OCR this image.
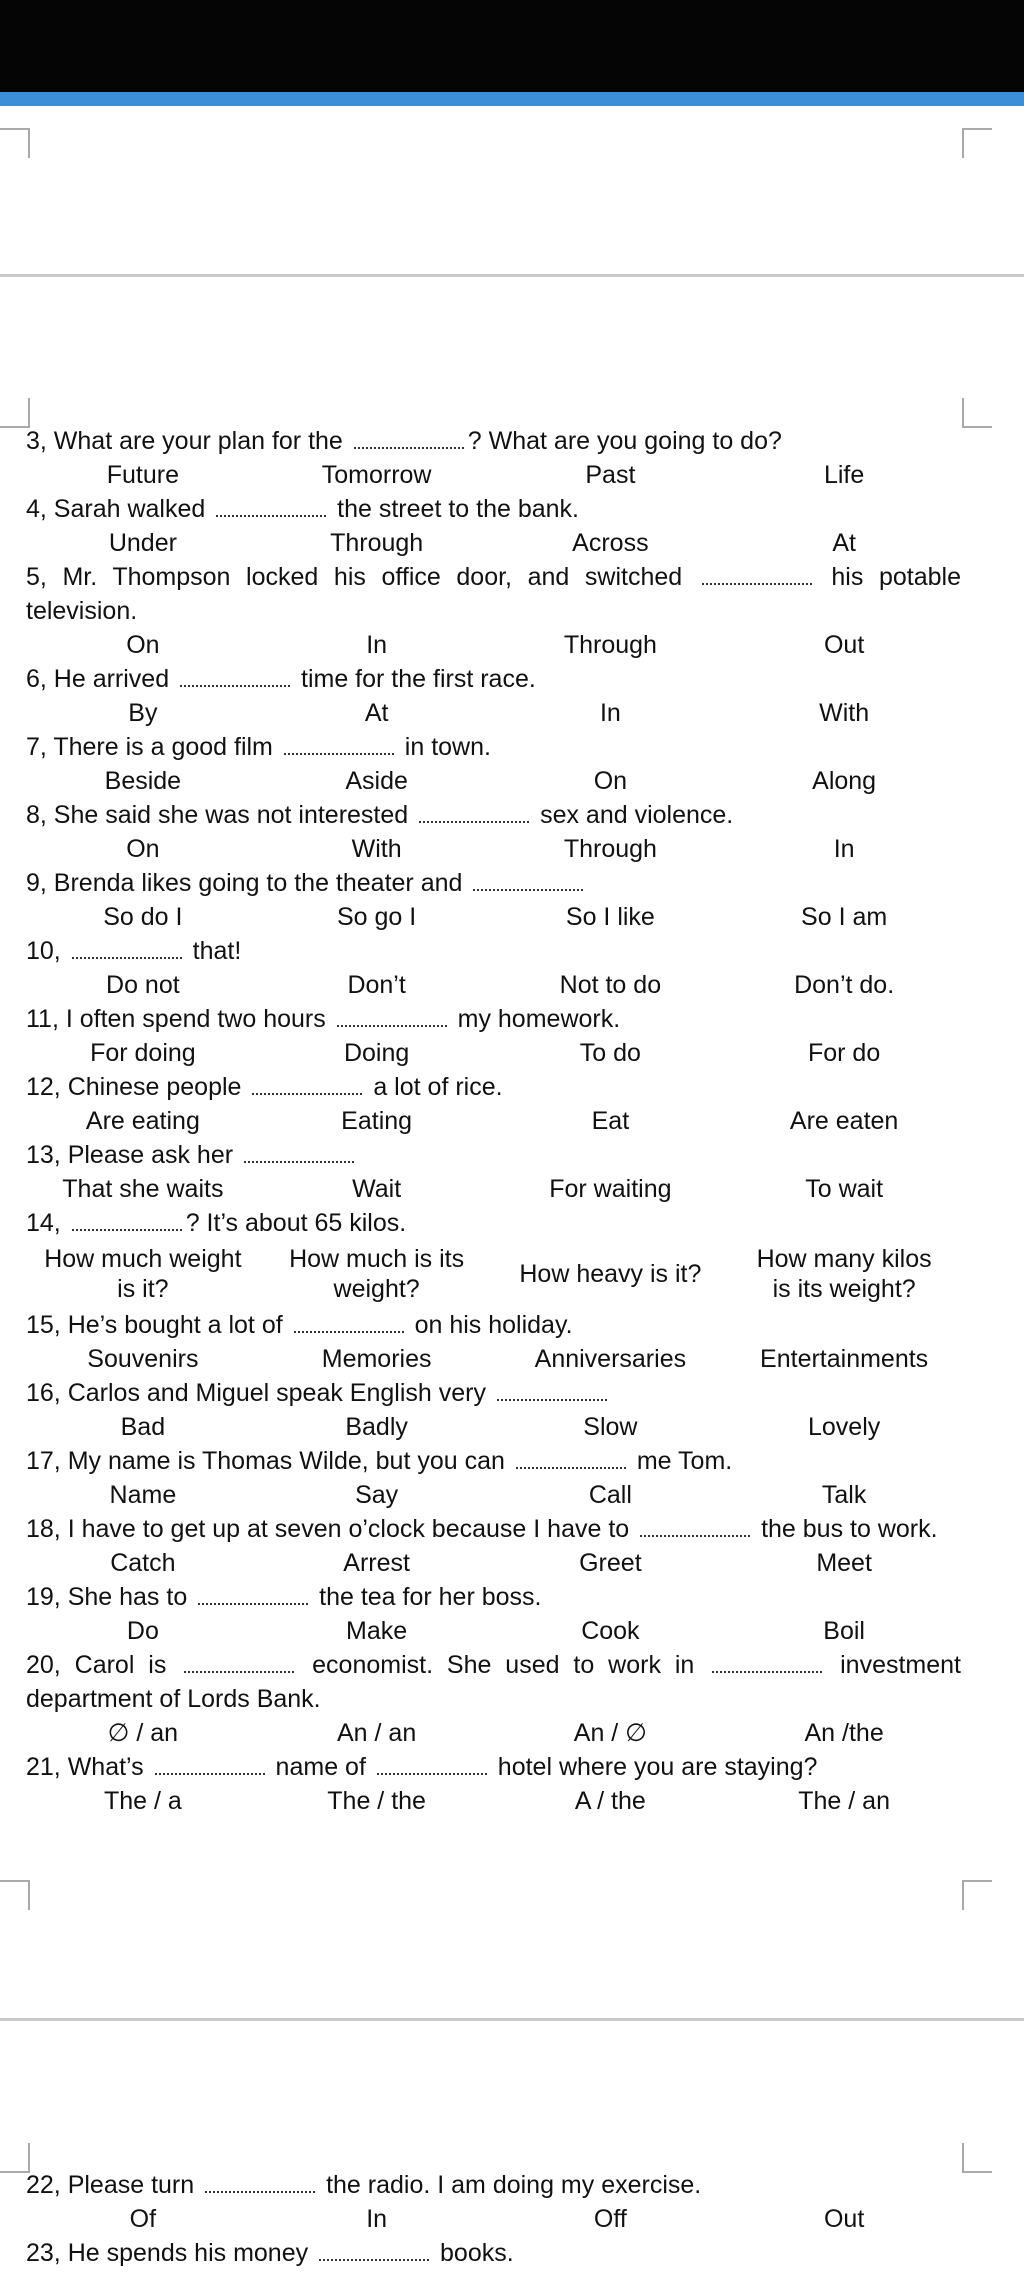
3, What are your plan for the	? What are you going to do?

Future	Tomorrow	Past	Life

4, Sarah walked	the street to the bank.

Under	Through	Across	At

5, Mr. Thompson locked his office door, and switched	his potable television.

On	In	Through	Out

6, He arrived	time for the first race.

By	At	In	With

7, There is a good film	in town.

Beside	Aside	On	Along

8, She said she was not interested	sex and violence.

On	With	Through	In

9, Brenda likes going to the theater and

So do I	So go I	So I like	So I am

10,	that!

Do not	Don’t	Not to do	Don’t do.

11, I often spend two hours	my homework.

For doing	Doing	To do	For do

12, Chinese people	a lot of rice.

Are eating	Eating	Eat	Are eaten

13, Please ask her

That she waits	Wait	For waiting	To wait

14,	? It’s about 65 kilos.

How much weight is it?
How much is its weight?
How heavy is it?
How many kilos is its weight?

15, He’s bought a lot of	on his holiday.

Souvenirs	Memories	Anniversaries	Entertainments

16, Carlos and Miguel speak English very

Bad	Badly	Slow	Lovely

17, My name is Thomas Wilde, but you can	me Tom.

Name	Say	Call	Talk

18, I have to get up at seven o’clock because I have to	the bus to work.

Catch	Arrest	Greet	Meet

19, She has to	the tea for her boss.

Do	Make	Cook	Boil

20, Carol is	economist. She used to work in	investment department of Lords Bank.

∅ / an	An / an	An / ∅	An /the

21, What’s	name of	hotel where you are staying?

The / a	The / the	A / the	The / an

22, Please turn	the radio. I am doing my exercise.

Of	In	Off	Out

23, He spends his money	books.
